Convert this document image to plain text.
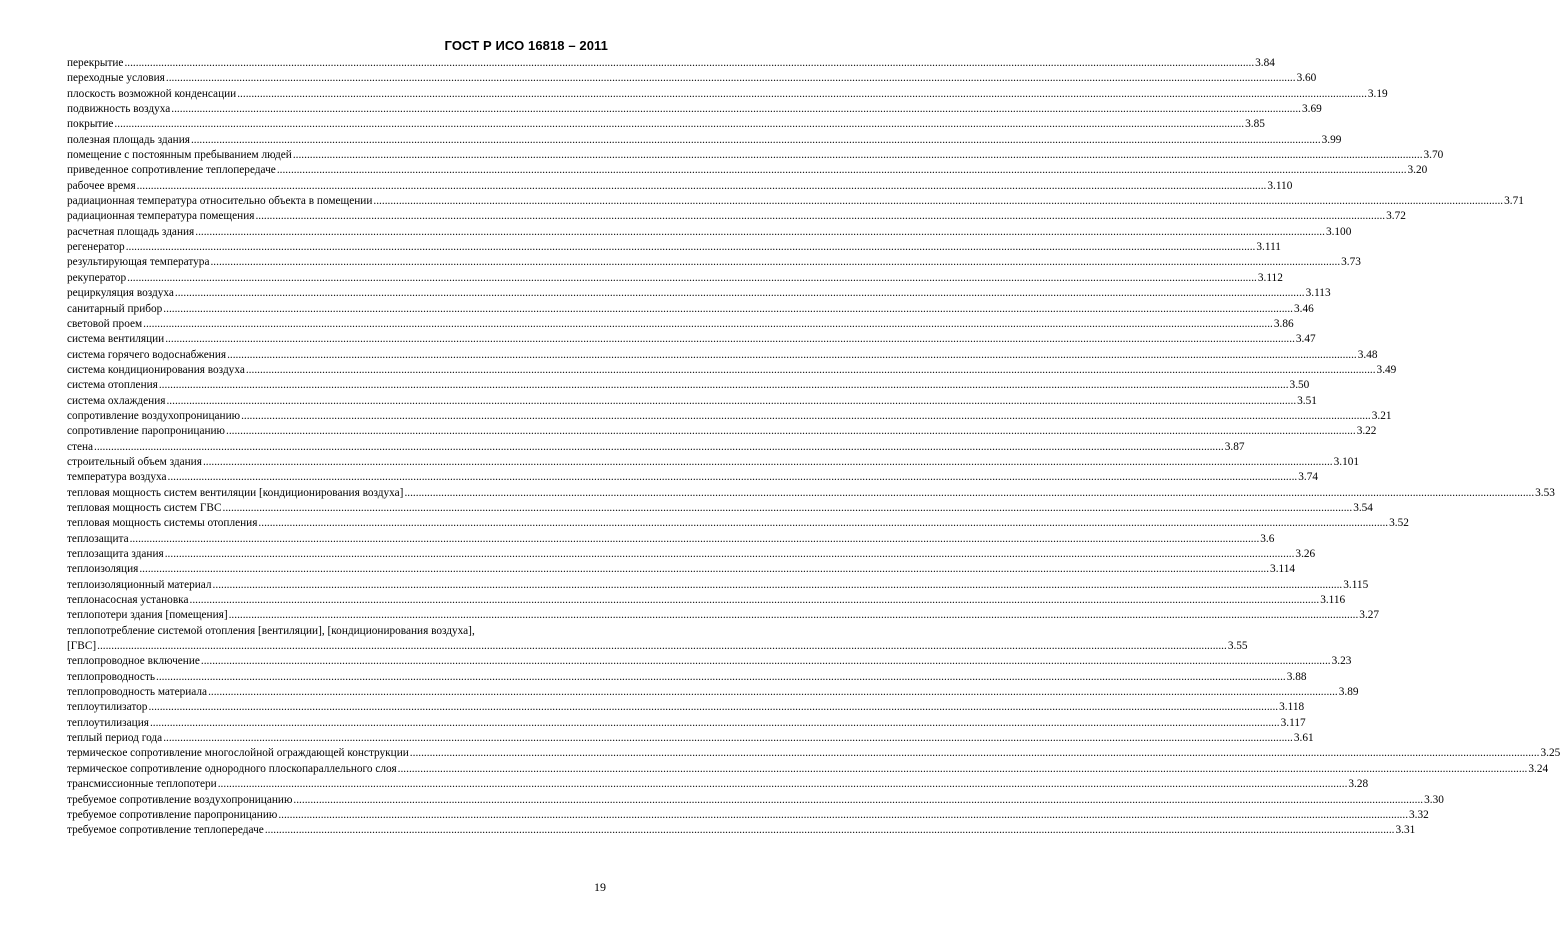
ГОСТ Р ИСО 16818 – 2011
перекрытие ................................................................................................................................................................................................................................................................................................................................................................................................................ 3.84
переходные условия ................................................................................................................................................................................................................................................................................................................................................................................................................ 3.60
плоскость возможной конденсации ................................................................................................................................................................................................................................................................................................................................................................................................................ 3.19
подвижность воздуха ................................................................................................................................................................................................................................................................................................................................................................................................................ 3.69
покрытие ................................................................................................................................................................................................................................................................................................................................................................................................................ 3.85
полезная площадь здания ................................................................................................................................................................................................................................................................................................................................................................................................................ 3.99
помещение с постоянным пребыванием людей ................................................................................................................................................................................................................................................................................................................................................................................................................ 3.70
приведенное сопротивление теплопередаче ................................................................................................................................................................................................................................................................................................................................................................................................................ 3.20
рабочее время ................................................................................................................................................................................................................................................................................................................................................................................................................ 3.110
радиационная температура относительно объекта в помещении ................................................................................................................................................................................................................................................................................................................................................................................................................ 3.71
радиационная температура помещения ................................................................................................................................................................................................................................................................................................................................................................................................................ 3.72
расчетная площадь здания ................................................................................................................................................................................................................................................................................................................................................................................................................ 3.100
регенератор ................................................................................................................................................................................................................................................................................................................................................................................................................ 3.111
результирующая температура ................................................................................................................................................................................................................................................................................................................................................................................................................ 3.73
рекуператор ................................................................................................................................................................................................................................................................................................................................................................................................................ 3.112
рециркуляция воздуха ................................................................................................................................................................................................................................................................................................................................................................................................................ 3.113
санитарный прибор ................................................................................................................................................................................................................................................................................................................................................................................................................ 3.46
световой проем ................................................................................................................................................................................................................................................................................................................................................................................................................ 3.86
система вентиляции ................................................................................................................................................................................................................................................................................................................................................................................................................ 3.47
система горячего водоснабжения ................................................................................................................................................................................................................................................................................................................................................................................................................ 3.48
система кондиционирования воздуха ................................................................................................................................................................................................................................................................................................................................................................................................................ 3.49
система отопления ................................................................................................................................................................................................................................................................................................................................................................................................................ 3.50
система охлаждения ................................................................................................................................................................................................................................................................................................................................................................................................................ 3.51
сопротивление воздухопроницанию ................................................................................................................................................................................................................................................................................................................................................................................................................ 3.21
сопротивление паропроницанию ................................................................................................................................................................................................................................................................................................................................................................................................................ 3.22
стена ................................................................................................................................................................................................................................................................................................................................................................................................................ 3.87
строительный объем здания ................................................................................................................................................................................................................................................................................................................................................................................................................ 3.101
температура воздуха ................................................................................................................................................................................................................................................................................................................................................................................................................ 3.74
тепловая мощность систем вентиляции [кондиционирования воздуха] ................................................................................................................................................................................................................................................................................................................................................................................................................ 3.53
тепловая мощность систем ГВС ................................................................................................................................................................................................................................................................................................................................................................................................................ 3.54
тепловая мощность системы отопления ................................................................................................................................................................................................................................................................................................................................................................................................................ 3.52
теплозащита ................................................................................................................................................................................................................................................................................................................................................................................................................ 3.6
теплозащита здания ................................................................................................................................................................................................................................................................................................................................................................................................................ 3.26
теплоизоляция ................................................................................................................................................................................................................................................................................................................................................................................................................ 3.114
теплоизоляционный материал ................................................................................................................................................................................................................................................................................................................................................................................................................ 3.115
теплонасосная установка ................................................................................................................................................................................................................................................................................................................................................................................................................ 3.116
теплопотери здания [помещения] ................................................................................................................................................................................................................................................................................................................................................................................................................ 3.27
теплопотребление системой отопления [вентиляции], [кондиционирования воздуха],
[ГВС] ................................................................................................................................................................................................................................................................................................................................................................................................................ 3.55
теплопроводное включение ................................................................................................................................................................................................................................................................................................................................................................................................................ 3.23
теплопроводность ................................................................................................................................................................................................................................................................................................................................................................................................................ 3.88
теплопроводность материала ................................................................................................................................................................................................................................................................................................................................................................................................................ 3.89
теплоутилизатор ................................................................................................................................................................................................................................................................................................................................................................................................................ 3.118
теплоутилизация ................................................................................................................................................................................................................................................................................................................................................................................................................ 3.117
теплый период года ................................................................................................................................................................................................................................................................................................................................................................................................................ 3.61
термическое сопротивление многослойной ограждающей конструкции ................................................................................................................................................................................................................................................................................................................................................................................................................ 3.25
термическое сопротивление однородного плоскопараллельного слоя ................................................................................................................................................................................................................................................................................................................................................................................................................ 3.24
трансмиссионные теплопотери ................................................................................................................................................................................................................................................................................................................................................................................................................ 3.28
требуемое сопротивление воздухопроницанию ................................................................................................................................................................................................................................................................................................................................................................................................................ 3.30
требуемое сопротивление паропроницанию ................................................................................................................................................................................................................................................................................................................................................................................................................ 3.32
требуемое сопротивление теплопередаче ................................................................................................................................................................................................................................................................................................................................................................................................................ 3.31
19
